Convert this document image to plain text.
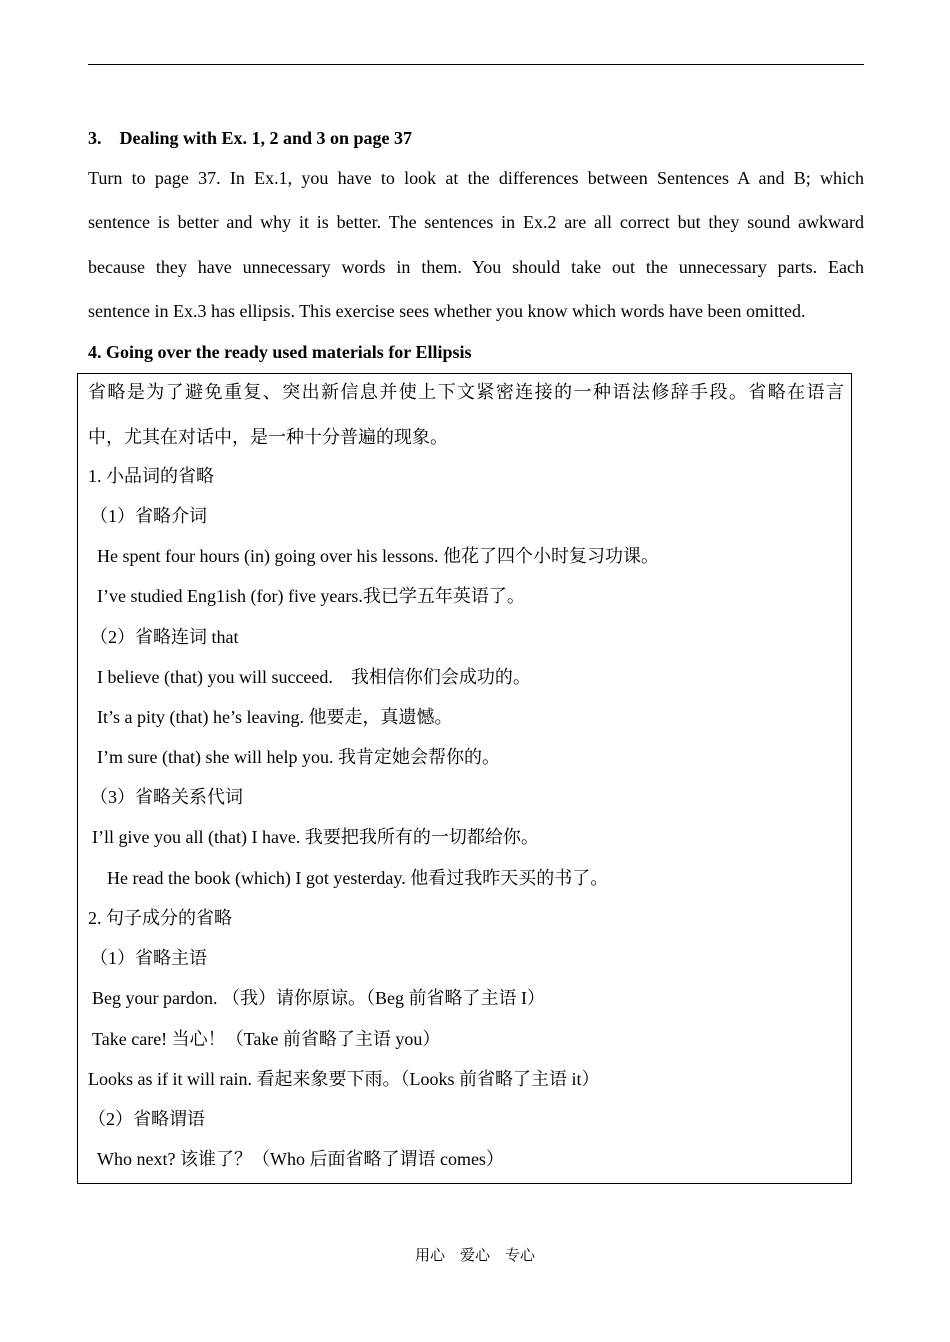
3. Dealing with Ex. 1, 2 and 3 on page 37
Turn to page 37. In Ex.1, you have to look at the differences between Sentences A and B; which
sentence is better and why it is better. The sentences in Ex.2 are all correct but they sound awkward
because they have unnecessary words in them. You should take out the unnecessary parts. Each
sentence in Ex.3 has ellipsis. This exercise sees whether you know which words have been omitted.
4. Going over the ready used materials for Ellipsis
省略是为了避免重复、突出新信息并使上下文紧密连接的一种语法修辞手段。省略在语言
中，尤其在对话中，是一种十分普遍的现象。
1. 小品词的省略
（1）省略介词
He spent four hours (in) going over his lessons. 他花了四个小时复习功课。
I’ve studied Eng1ish (for) five years.我已学五年英语了。
（2）省略连词 that
I believe (that) you will succeed. 我相信你们会成功的。
It’s a pity (that) he’s leaving. 他要走，真遗憾。
I’m sure (that) she will help you. 我肯定她会帮你的。
（3）省略关系代词
I’ll give you all (that) I have. 我要把我所有的一切都给你。
He read the book (which) I got yesterday. 他看过我昨天买的书了。
2. 句子成分的省略
（1）省略主语
Beg your pardon. （我）请你原谅。（Beg 前省略了主语 I）
Take care! 当心！（Take 前省略了主语 you）
Looks as if it will rain. 看起来象要下雨。（Looks 前省略了主语 it）
（2）省略谓语
Who next? 该谁了？（Who 后面省略了谓语 comes）
用心 爱心 专心
